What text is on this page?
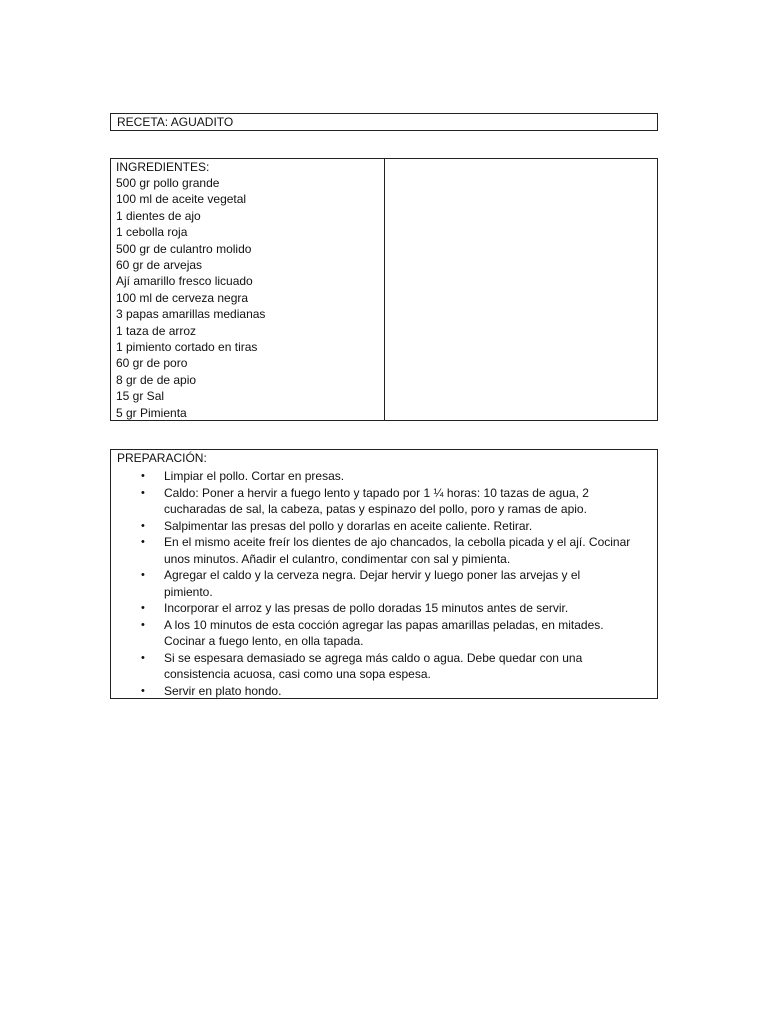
RECETA: AGUADITO
INGREDIENTES:
500 gr pollo grande
100 ml de aceite vegetal
1 dientes de ajo
1 cebolla roja
500 gr de culantro molido
60 gr de arvejas
Ají amarillo fresco licuado
100 ml de cerveza negra
3 papas amarillas medianas
1 taza de arroz
1 pimiento cortado en tiras
60 gr de poro
8 gr de de apio
15 gr Sal
5 gr Pimienta
PREPARACIÓN:
• Limpiar el pollo. Cortar en presas.
• Caldo: Poner a hervir a fuego lento y tapado por 1 ¼ horas: 10 tazas de agua, 2 cucharadas de sal, la cabeza, patas y espinazo del pollo, poro y ramas de apio.
• Salpimentar las presas del pollo y dorarlas en aceite caliente. Retirar.
• En el mismo aceite freír los dientes de ajo chancados, la cebolla picada y el ají. Cocinar unos minutos. Añadir el culantro, condimentar con sal y pimienta.
• Agregar el caldo y la cerveza negra. Dejar hervir y luego poner las arvejas y el pimiento.
• Incorporar el arroz y las presas de pollo doradas 15 minutos antes de servir.
• A los 10 minutos de esta cocción agregar las papas amarillas peladas, en mitades. Cocinar a fuego lento, en olla tapada.
• Si se espesara demasiado se agrega más caldo o agua. Debe quedar con una consistencia acuosa, casi como una sopa espesa.
• Servir en plato hondo.
